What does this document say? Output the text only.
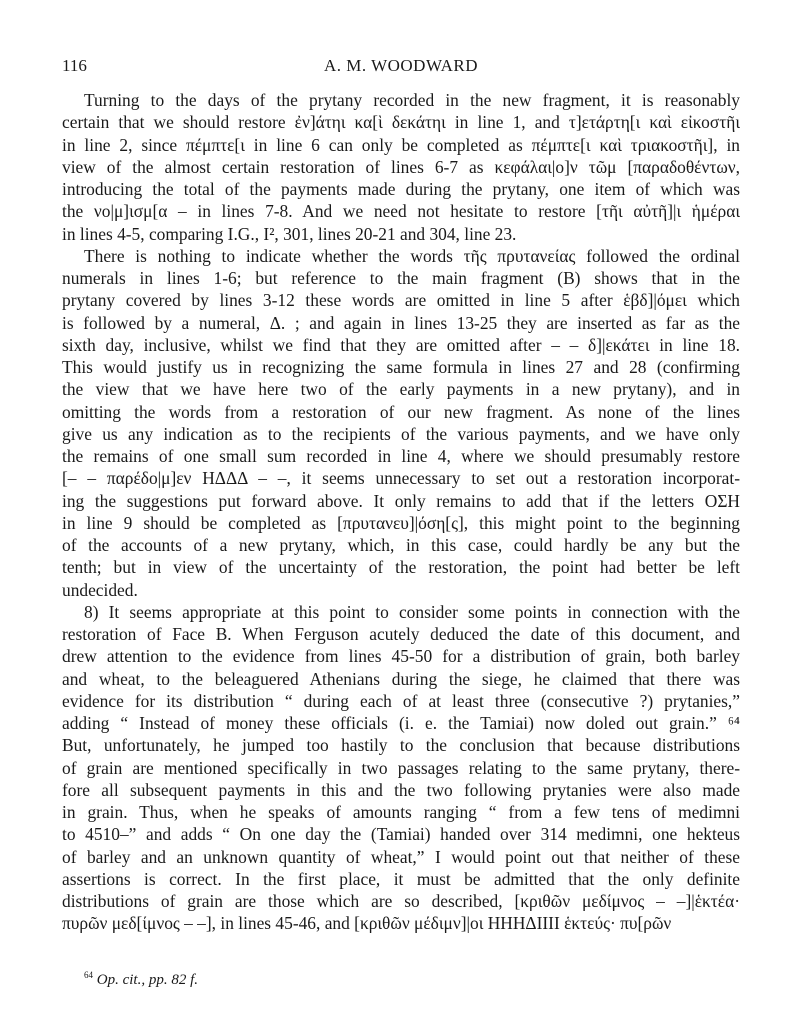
116	A. M. WOODWARD
Turning to the days of the prytany recorded in the new fragment, it is reasonably
certain that we should restore ἐν]άτηι κα[ὶ δεκάτηι in line 1, and τ]ετάρτη[ι καὶ εἰκοστῆι
in line 2, since πέμπτε[ι in line 6 can only be completed as πέμπτε[ι καὶ τριακοστῆι], in
view of the almost certain restoration of lines 6-7 as κεφάλαι|ο]ν τῶμ [παραδοθέντων,
introducing the total of the payments made during the prytany, one item of which was
the νο|μ]ισμ[α – in lines 7-8. And we need not hesitate to restore [τῆι αὐτῆ]|ι ἡμέραι
in lines 4-5, comparing I.G., I², 301, lines 20-21 and 304, line 23.
There is nothing to indicate whether the words τῆς πρυτανείας followed the ordinal
numerals in lines 1-6; but reference to the main fragment (B) shows that in the
prytany covered by lines 3-12 these words are omitted in line 5 after ἑβδ]|όμει which
is followed by a numeral, Δ. ; and again in lines 13-25 they are inserted as far as the
sixth day, inclusive, whilst we find that they are omitted after – – δ]|εκάτει in line 18.
This would justify us in recognizing the same formula in lines 27 and 28 (confirming
the view that we have here two of the early payments in a new prytany), and in
omitting the words from a restoration of our new fragment. As none of the lines
give us any indication as to the recipients of the various payments, and we have only
the remains of one small sum recorded in line 4, where we should presumably restore
[– – παρέδο|μ]εν ΗΔΔΔ – –, it seems unnecessary to set out a restoration incorporat-
ing the suggestions put forward above. It only remains to add that if the letters ΟΣΗ
in line 9 should be completed as [πρυτανευ]|όση[ς], this might point to the beginning
of the accounts of a new prytany, which, in this case, could hardly be any but the
tenth; but in view of the uncertainty of the restoration, the point had better be left
undecided.
8) It seems appropriate at this point to consider some points in connection with the
restoration of Face B. When Ferguson acutely deduced the date of this document, and
drew attention to the evidence from lines 45-50 for a distribution of grain, both barley
and wheat, to the beleaguered Athenians during the siege, he claimed that there was
evidence for its distribution “ during each of at least three (consecutive ?) prytanies,”
adding “ Instead of money these officials (i. e. the Tamiai) now doled out grain.” ⁶⁴
But, unfortunately, he jumped too hastily to the conclusion that because distributions
of grain are mentioned specifically in two passages relating to the same prytany, there-
fore all subsequent payments in this and the two following prytanies were also made
in grain. Thus, when he speaks of amounts ranging “ from a few tens of medimni
to 4510–” and adds “ On one day the (Tamiai) handed over 314 medimni, one hekteus
of barley and an unknown quantity of wheat,” I would point out that neither of these
assertions is correct. In the first place, it must be admitted that the only definite
distributions of grain are those which are so described, [κριθῶν μεδίμνος – –]|ἑκτέα·
πυρῶν μεδ[ίμνος – –], in lines 45-46, and [κριθῶν μέδιμν]|οι ΗΗΗΔΙΙΙΙ ἑκτεύς· πυ[ρῶν
$^{64}$ Op. cit., pp. 82 f.
